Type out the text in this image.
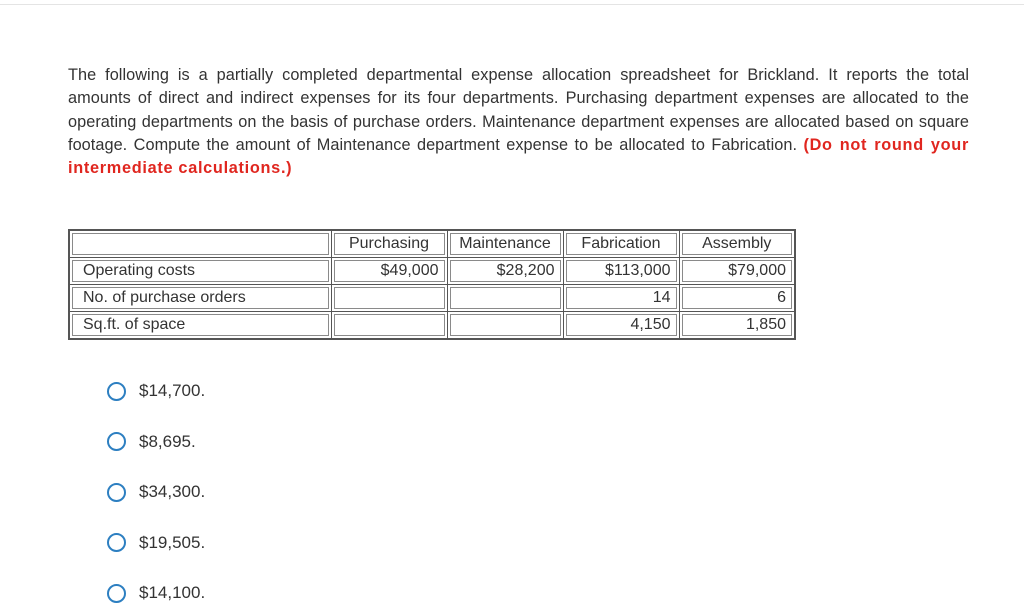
The following is a partially completed departmental expense allocation spreadsheet for Brickland. It reports the total amounts of direct and indirect expenses for its four departments. Purchasing department expenses are allocated to the operating departments on the basis of purchase orders. Maintenance department expenses are allocated based on square footage. Compute the amount of Maintenance department expense to be allocated to Fabrication. (Do not round your intermediate calculations.)

	Purchasing	Maintenance	Fabrication	Assembly

Operating costs	$49,000	$28,200	$113,000	$79,000

No. of purchase orders			14	6

Sq.ft. of space			4,150	1,850
$14,700.
$8,695.
$34,300.
$19,505.
$14,100.
